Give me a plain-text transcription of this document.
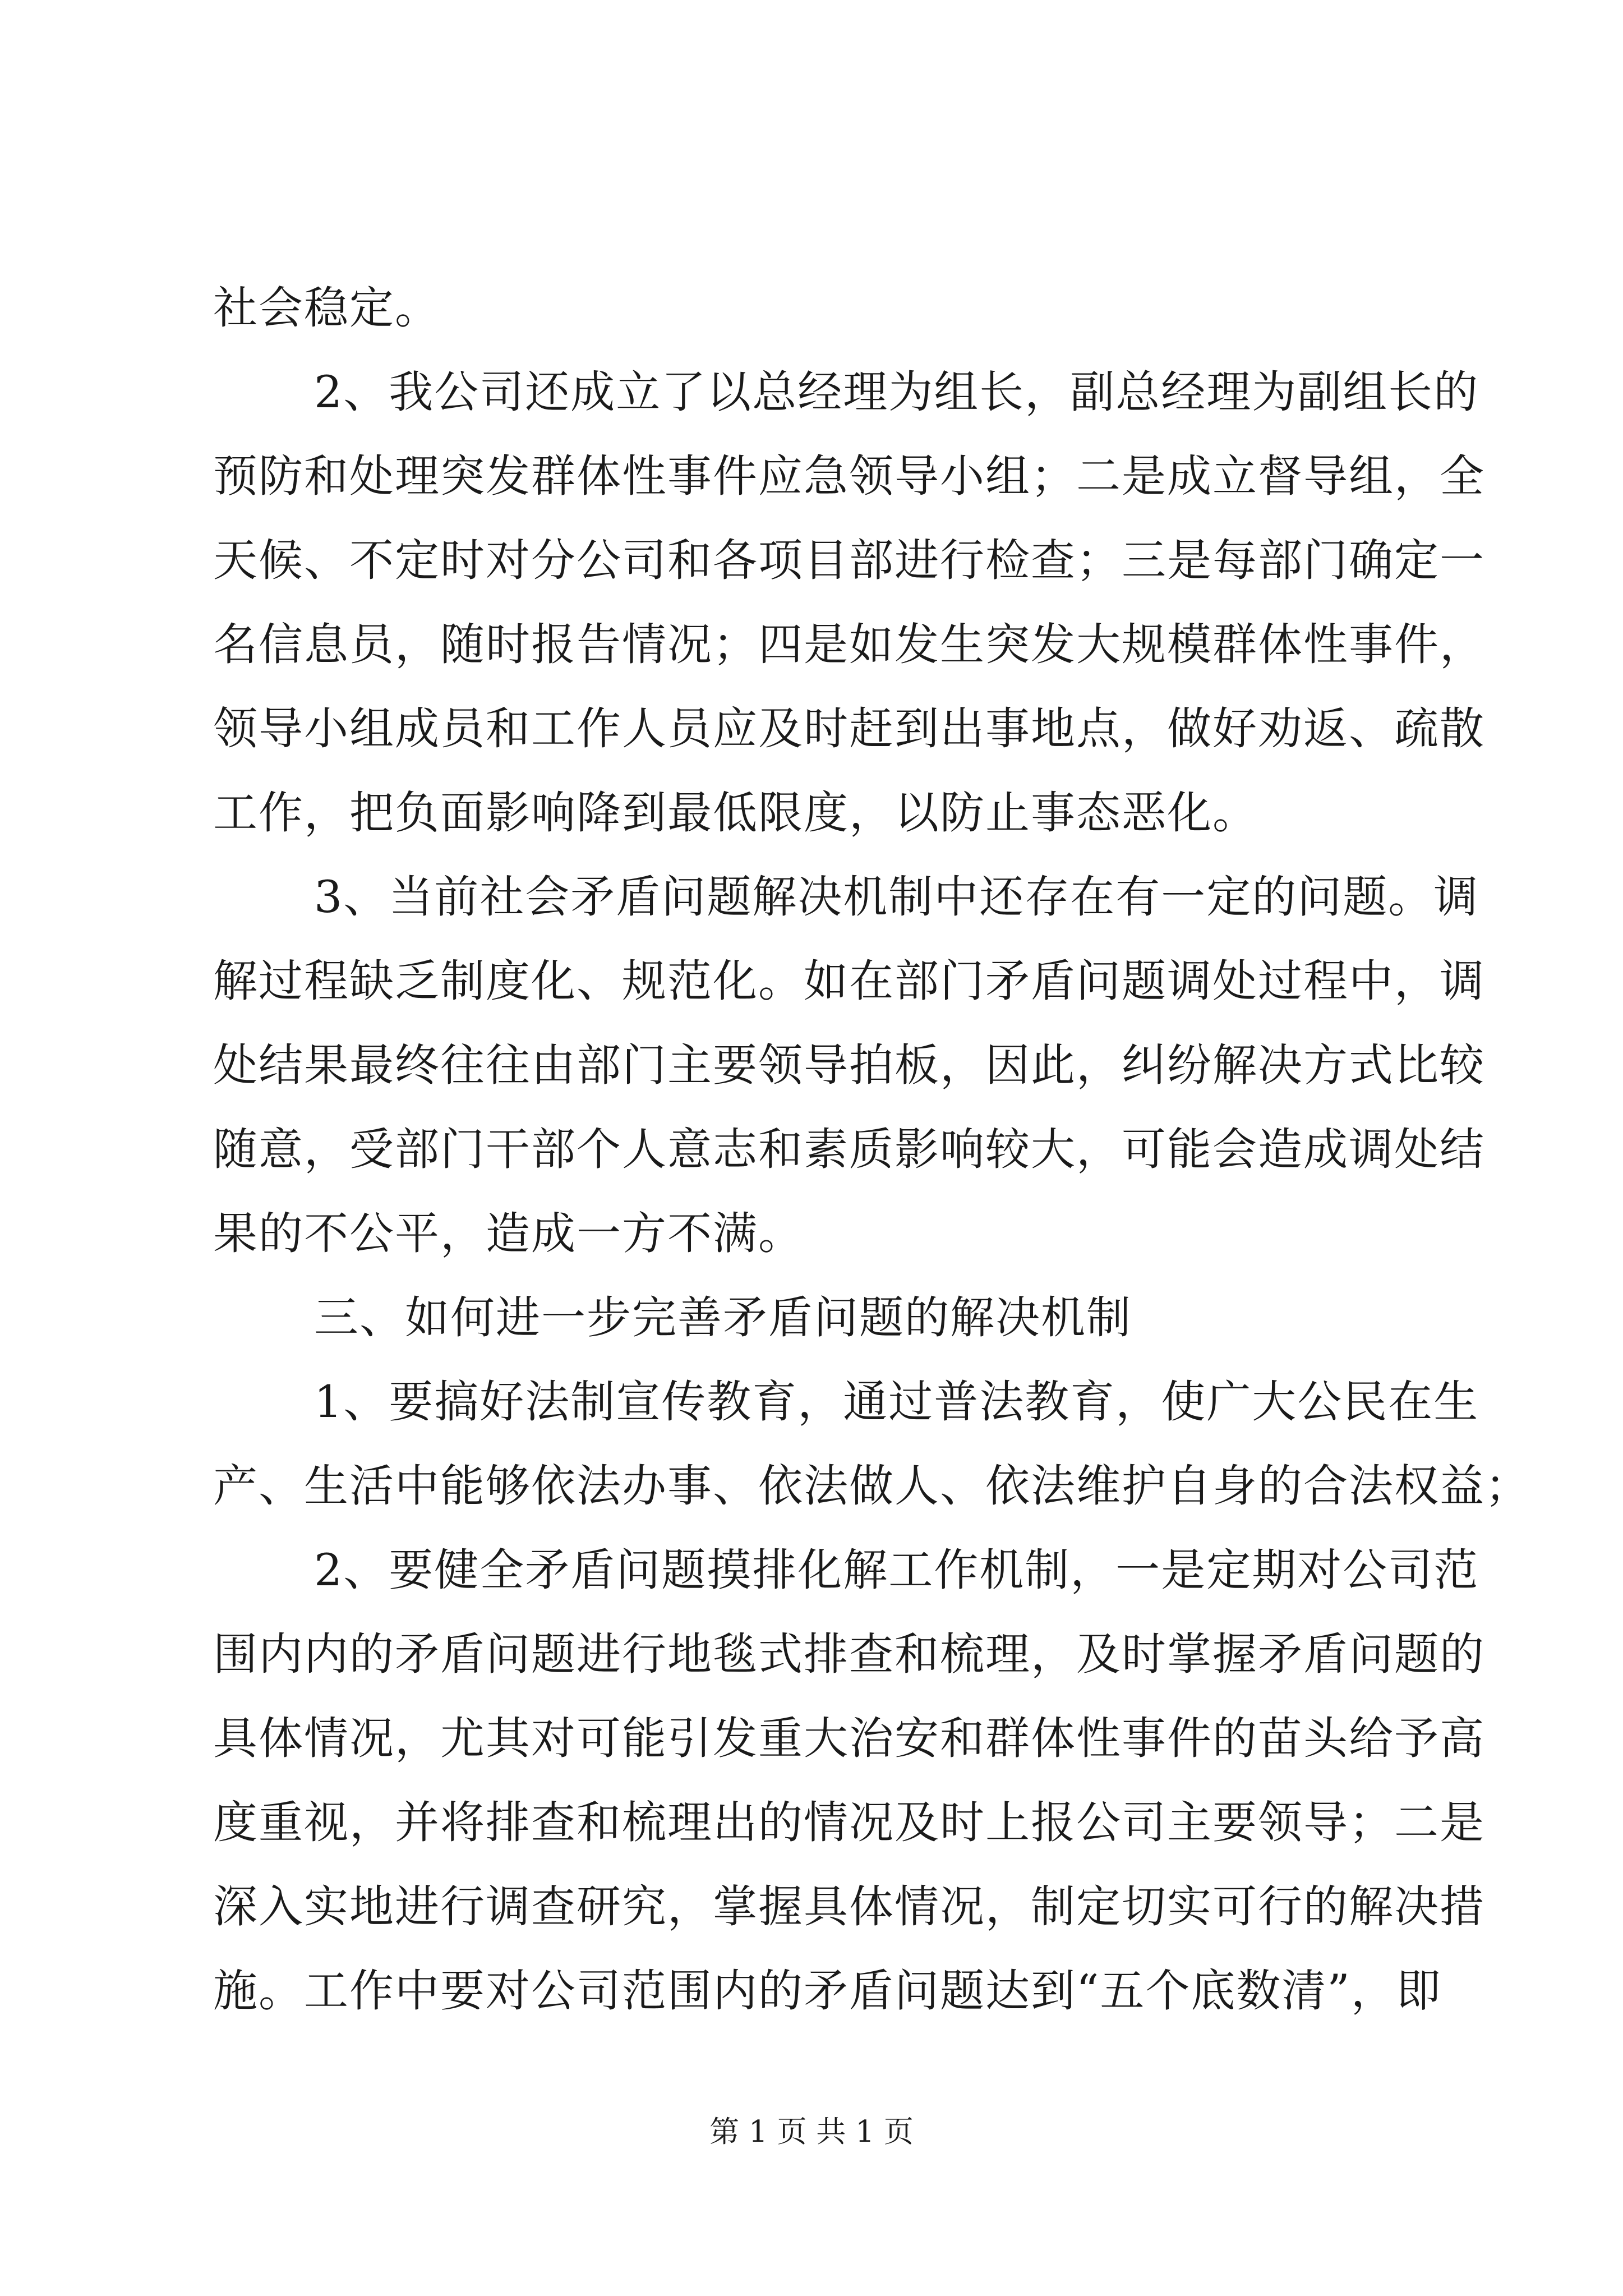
社会稳定。
2、我公司还成立了以总经理为组长，副总经理为副组长的
预防和处理突发群体性事件应急领导小组；二是成立督导组，全
天候、不定时对分公司和各项目部进行检查；三是每部门确定一
名信息员，随时报告情况；四是如发生突发大规模群体性事件，
领导小组成员和工作人员应及时赶到出事地点，做好劝返、疏散
工作，把负面影响降到最低限度，以防止事态恶化。
3、当前社会矛盾问题解决机制中还存在有一定的问题。调
解过程缺乏制度化、规范化。如在部门矛盾问题调处过程中，调
处结果最终往往由部门主要领导拍板，因此，纠纷解决方式比较
随意，受部门干部个人意志和素质影响较大，可能会造成调处结
果的不公平，造成一方不满。
三、如何进一步完善矛盾问题的解决机制
1、要搞好法制宣传教育，通过普法教育，使广大公民在生
产、生活中能够依法办事、依法做人、依法维护自身的合法权益；
2、要健全矛盾问题摸排化解工作机制，一是定期对公司范
围内内的矛盾问题进行地毯式排查和梳理，及时掌握矛盾问题的
具体情况，尤其对可能引发重大治安和群体性事件的苗头给予高
度重视，并将排查和梳理出的情况及时上报公司主要领导；二是
深入实地进行调查研究，掌握具体情况，制定切实可行的解决措
施。工作中要对公司范围内的矛盾问题达到“五个底数清”，即
第 1 页 共 1 页
